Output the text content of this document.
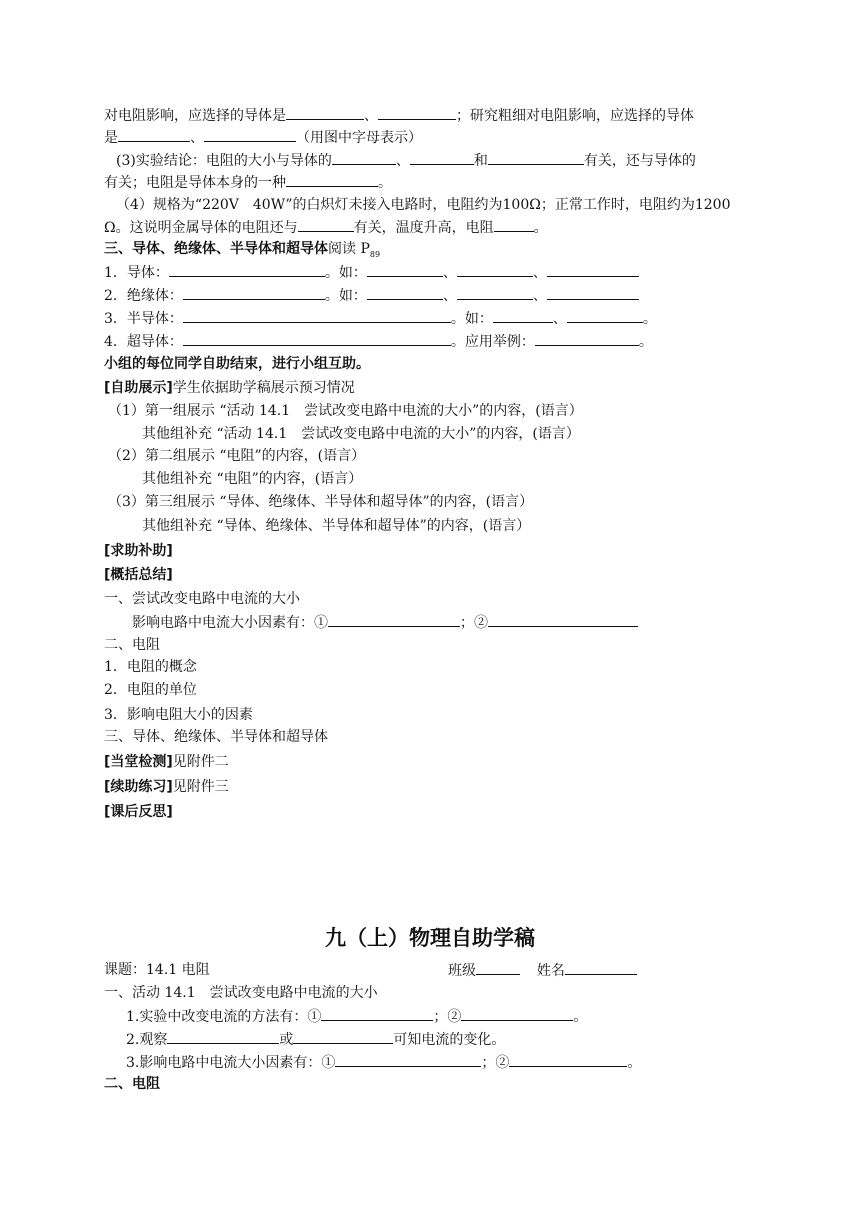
对电阻影响，应选择的导体是	、	；研究粗细对电阻影响，应选择的导体
是	、	（用图中字母表示）
(3)实验结论：电阻的大小与导体的	、	和	有关，还与导体的
有关；电阻是导体本身的一种	。
（4）规格为“220V　40W”的白炽灯未接入电路时，电阻约为100Ω；正常工作时，电阻约为1200
Ω。这说明金属导体的电阻还与	有关，温度升高，电阻	。
三、导体、绝缘体、半导体和超导体阅读 $P_{89}$
1．导体：	。如：	、	、
2．绝缘体：	。如：	、	、
3．半导体：	。如：	、	。
4．超导体：	。应用举例：	。
小组的每位同学自助结束，进行小组互助。
[自助展示]学生依据助学稿展示预习情况
（1）第一组展示 “活动 14.1　尝试改变电路中电流的大小”的内容，(语言）
其他组补充 “活动 14.1　尝试改变电路中电流的大小”的内容，(语言）
（2）第二组展示 “电阻”的内容，(语言）
其他组补充 “电阻”的内容，(语言）
（3）第三组展示 “导体、绝缘体、半导体和超导体”的内容，(语言）
其他组补充 “导体、绝缘体、半导体和超导体”的内容，(语言）
[求助补助]
[概括总结]
一、尝试改变电路中电流的大小
影响电路中电流大小因素有：①	；②
二、电阻
1．电阻的概念
2．电阻的单位
3．影响电阻大小的因素
三、导体、绝缘体、半导体和超导体
[当堂检测]见附件二
[续助练习]见附件三
[课后反思]
九（上）物理自助学稿
课题：14.1 电阻	班级	姓名
一、活动 14.1　尝试改变电路中电流的大小
1.实验中改变电流的方法有：①	；②	。
2.观察	或	可知电流的变化。
3.影响电路中电流大小因素有：①	；②	。
二、电阻
